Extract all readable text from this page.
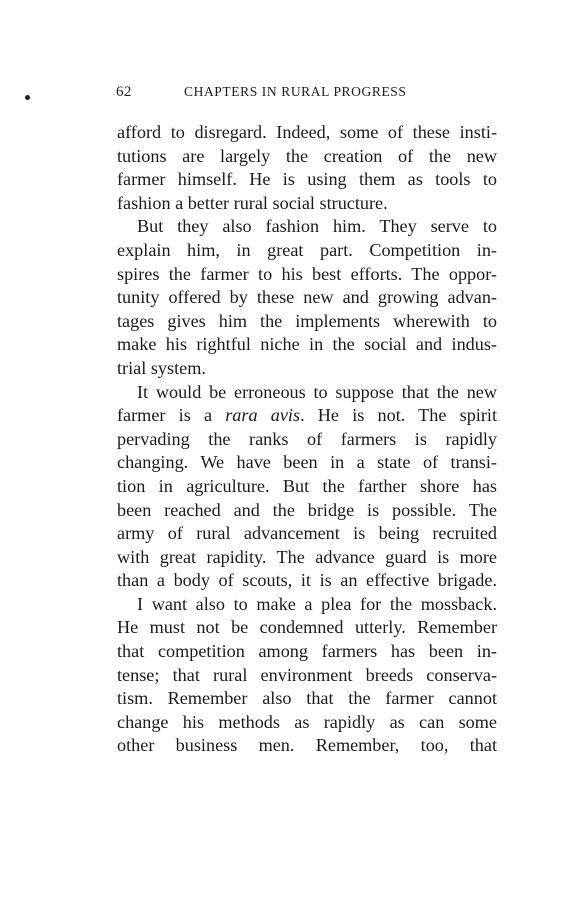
62	CHAPTERS IN RURAL PROGRESS
afford to disregard. Indeed, some of these insti-
tutions are largely the creation of the new
farmer himself. He is using them as tools to
fashion a better rural social structure.
But they also fashion him. They serve to
explain him, in great part. Competition in-
spires the farmer to his best efforts. The oppor-
tunity offered by these new and growing advan-
tages gives him the implements wherewith to
make his rightful niche in the social and indus-
trial system.
It would be erroneous to suppose that the new
farmer is a rara avis. He is not. The spirit
pervading the ranks of farmers is rapidly
changing. We have been in a state of transi-
tion in agriculture. But the farther shore has
been reached and the bridge is possible. The
army of rural advancement is being recruited
with great rapidity. The advance guard is more
than a body of scouts, it is an effective brigade.
I want also to make a plea for the mossback.
He must not be condemned utterly. Remember
that competition among farmers has been in-
tense; that rural environment breeds conserva-
tism. Remember also that the farmer cannot
change his methods as rapidly as can some
other business men. Remember, too, that
